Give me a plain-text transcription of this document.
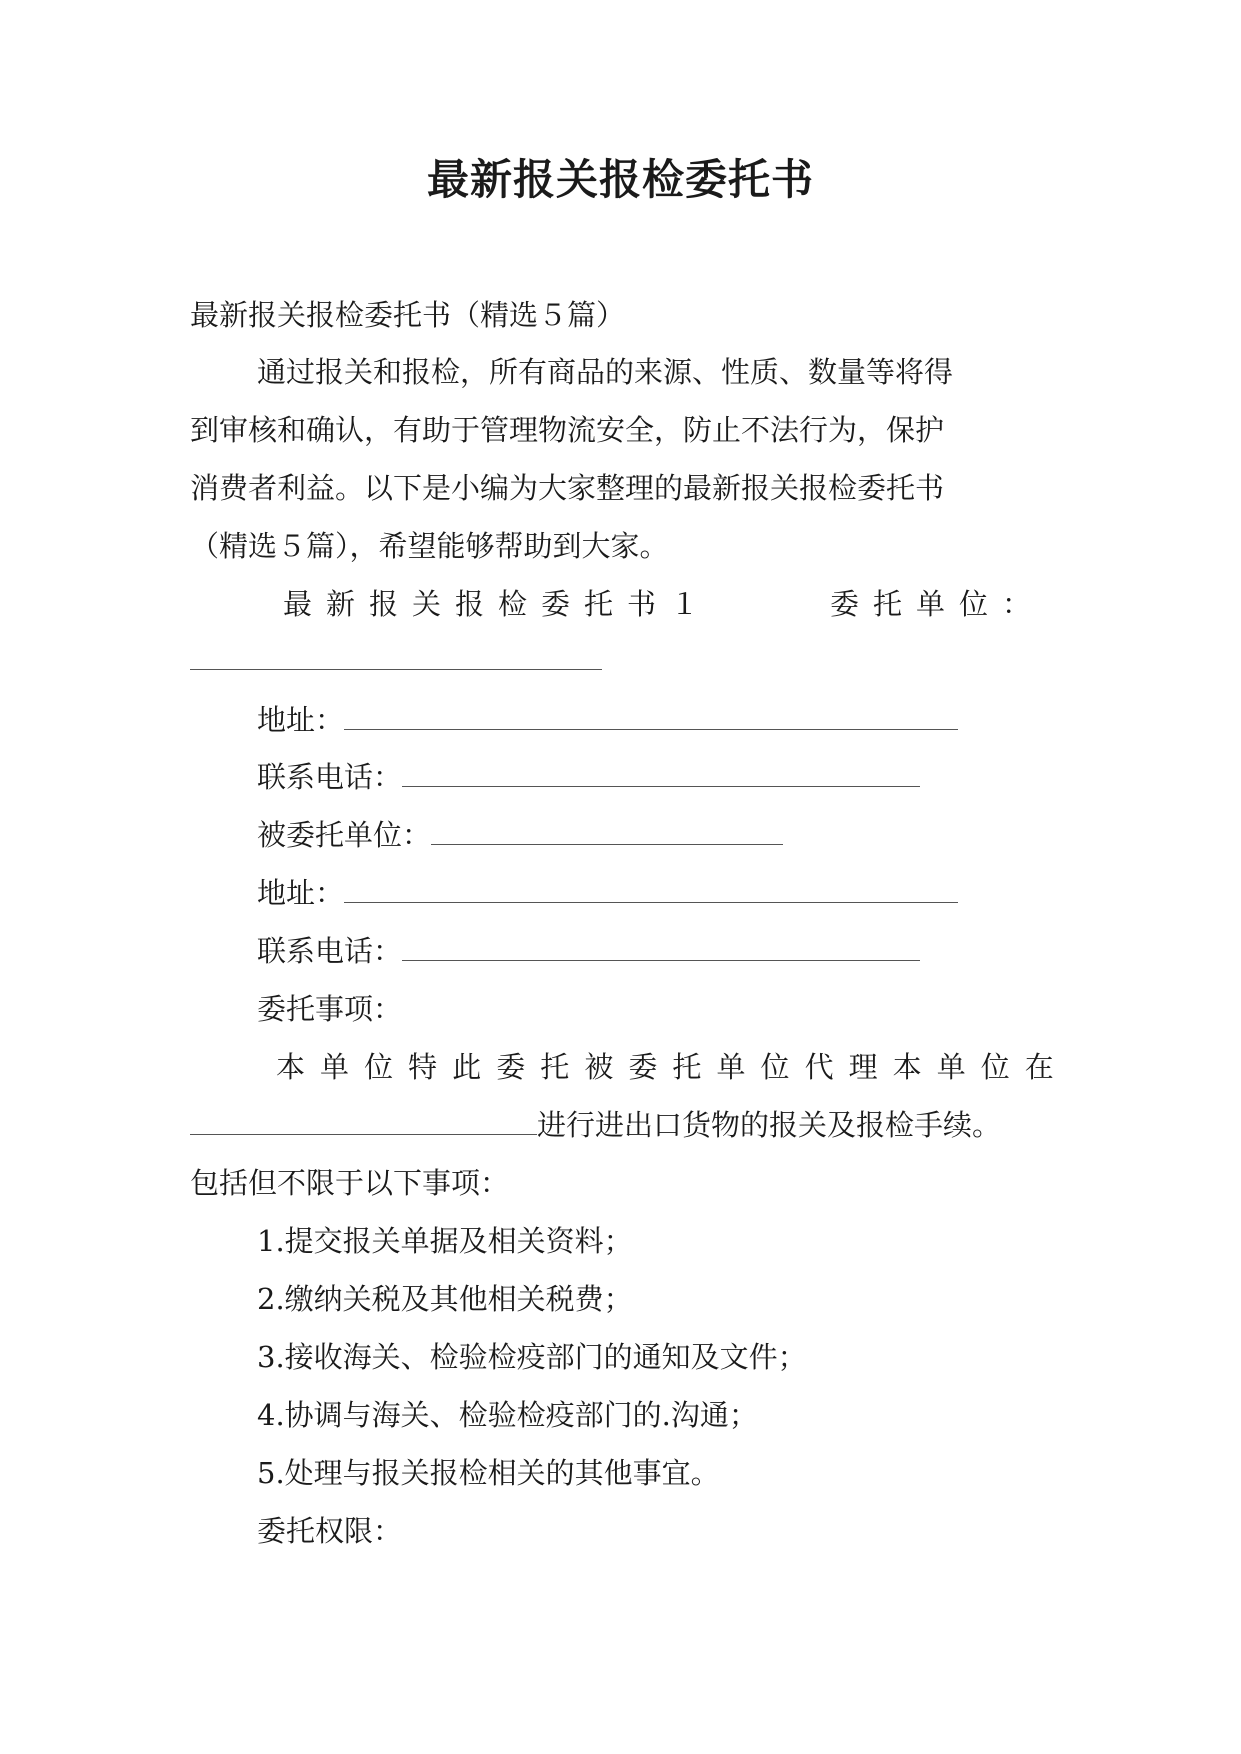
最新报关报检委托书
最新报关报检委托书（精选５篇）
通过报关和报检，所有商品的来源、性质、数量等将得
到审核和确认，有助于管理物流安全，防止不法行为，保护
消费者利益。以下是小编为大家整理的最新报关报检委托书
（精选５篇），希望能够帮助到大家。
最新报关报检委托书１	委托单位：
地址：
联系电话：
被委托单位：
地址：
联系电话：
委托事项：
本 单 位 特 此 委 托 被 委 托 单 位 代 理 本 单 位 在
进行进出口货物的报关及报检手续。
包括但不限于以下事项：
1.提交报关单据及相关资料；
2.缴纳关税及其他相关税费；
3.接收海关、检验检疫部门的通知及文件；
4.协调与海关、检验检疫部门的.沟通；
5.处理与报关报检相关的其他事宜。
委托权限：
